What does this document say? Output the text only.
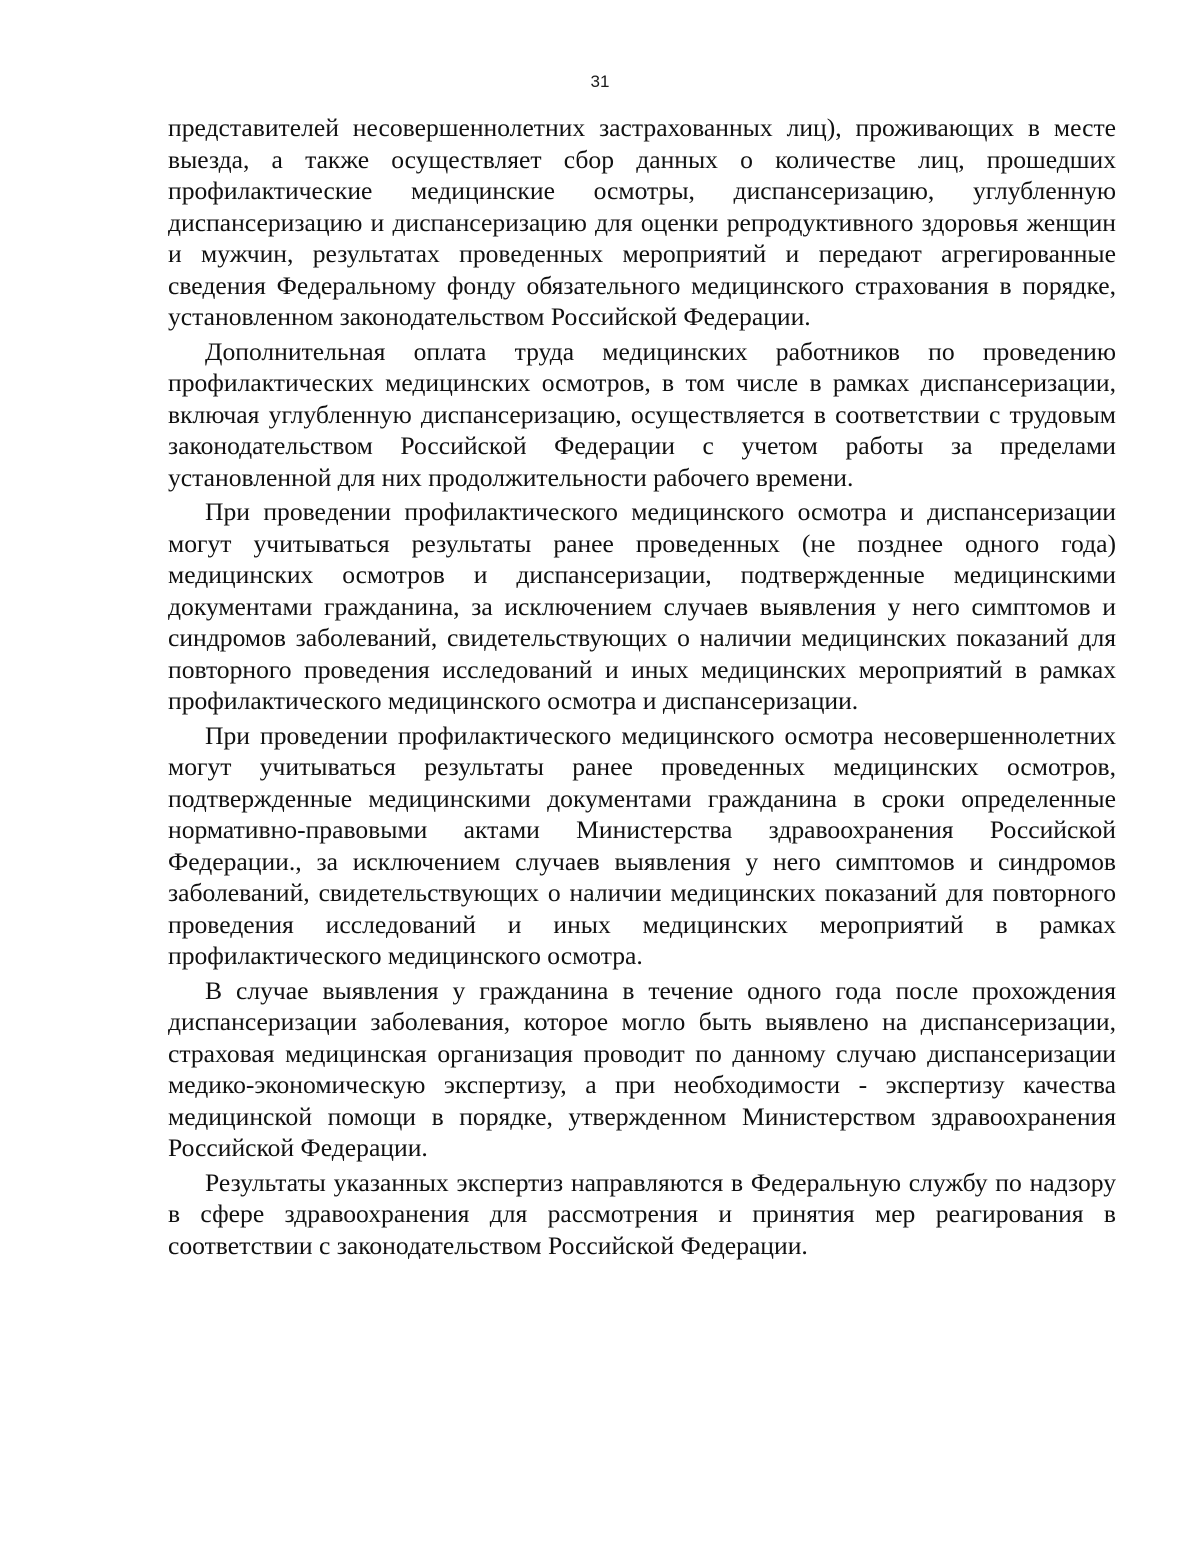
31

представителей несовершеннолетних застрахованных лиц), проживающих в месте выезда, а также осуществляет сбор данных о количестве лиц, прошедших профилактические медицинские осмотры, диспансеризацию, углубленную диспансеризацию и диспансеризацию для оценки репродуктивного здоровья женщин и мужчин, результатах проведенных мероприятий и передают агрегированные сведения Федеральному фонду обязательного медицинского страхования в порядке, установленном законодательством Российской Федерации.

Дополнительная оплата труда медицинских работников по проведению профилактических медицинских осмотров, в том числе в рамках диспансеризации, включая углубленную диспансеризацию, осуществляется в соответствии с трудовым законодательством Российской Федерации с учетом работы за пределами установленной для них продолжительности рабочего времени.

При проведении профилактического медицинского осмотра и диспансеризации могут учитываться результаты ранее проведенных (не позднее одного года) медицинских осмотров и диспансеризации, подтвержденные медицинскими документами гражданина, за исключением случаев выявления у него симптомов и синдромов заболеваний, свидетельствующих о наличии медицинских показаний для повторного проведения исследований и иных медицинских мероприятий в рамках профилактического медицинского осмотра и диспансеризации.

При проведении профилактического медицинского осмотра несовершеннолетних могут учитываться результаты ранее проведенных медицинских осмотров, подтвержденные медицинскими документами гражданина в сроки определенные нормативно-правовыми актами Министерства здравоохранения Российской Федерации., за исключением случаев выявления у него симптомов и синдромов заболеваний, свидетельствующих о наличии медицинских показаний для повторного проведения исследований и иных медицинских мероприятий в рамках профилактического медицинского осмотра.

В случае выявления у гражданина в течение одного года после прохождения диспансеризации заболевания, которое могло быть выявлено на диспансеризации, страховая медицинская организация проводит по данному случаю диспансеризации медико-экономическую экспертизу, а при необходимости - экспертизу качества медицинской помощи в порядке, утвержденном Министерством здравоохранения Российской Федерации.

Результаты указанных экспертиз направляются в Федеральную службу по надзору в сфере здравоохранения для рассмотрения и принятия мер реагирования в соответствии с законодательством Российской Федерации.
